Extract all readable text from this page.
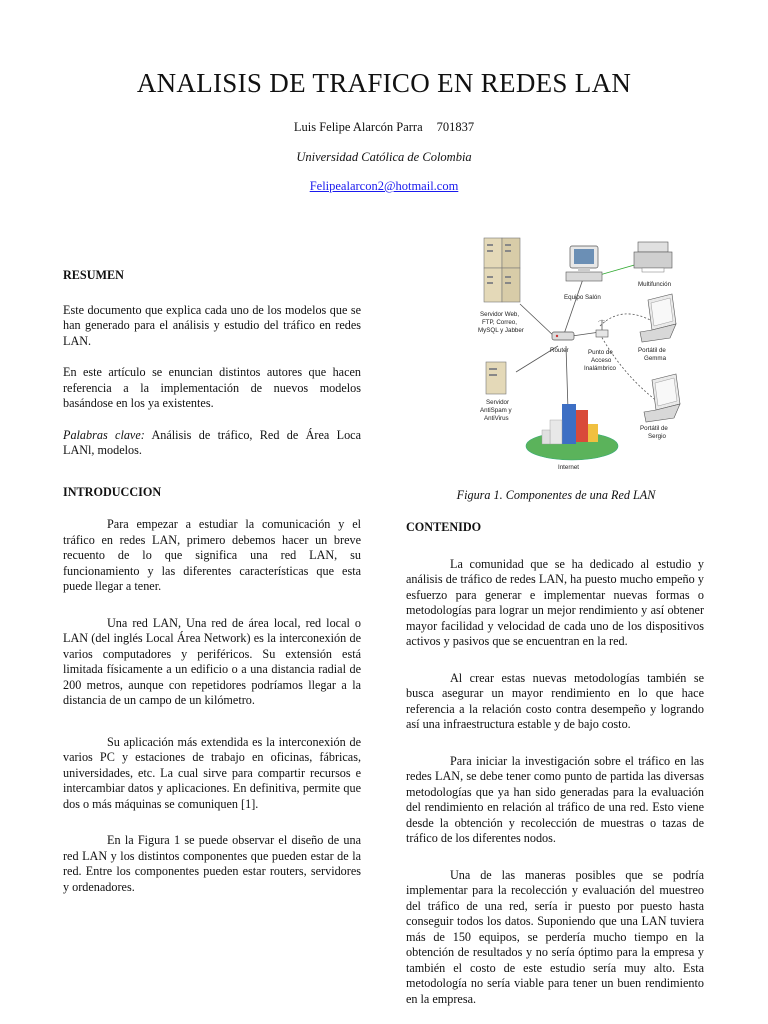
ANALISIS DE TRAFICO EN REDES LAN
Luis Felipe Alarcón Parra 701837
Universidad Católica de Colombia
Felipealarcon2@hotmail.com
RESUMEN

Este documento que explica cada uno de los modelos que se han generado para el análisis y estudio del tráfico en redes LAN.

En este artículo se enuncian distintos autores que hacen referencia a la implementación de nuevos modelos basándose en los ya existentes.

Palabras clave: Análisis de tráfico, Red de Área Loca LANl, modelos.

INTRODUCCION

Para empezar a estudiar la comunicación y el tráfico en redes LAN, primero debemos hacer un breve recuento de lo que significa una red LAN, su funcionamiento y las diferentes características que esta puede llegar a tener.

Una red LAN, Una red de área local, red local o LAN (del inglés Local Área Network) es la interconexión de varios computadores y periféricos. Su extensión está limitada físicamente a un edificio o a una distancia radial de 200 metros, aunque con repetidores podríamos llegar a la distancia de un campo de un kilómetro.

Su aplicación más extendida es la interconexión de varios PC y estaciones de trabajo en oficinas, fábricas, universidades, etc. La cual sirve para compartir recursos e intercambiar datos y aplicaciones. En definitiva, permite que dos o más máquinas se comuniquen [1].

En la Figura 1 se puede observar el diseño de una red LAN y los distintos componentes que pueden estar de la red. Entre los componentes pueden estar routers, servidores y ordenadores.

Servidor Web,
FTP, Correo,
MySQL y Jabber
Equipo Salón
Multifunción
Router	Punto de
Acceso
Inalámbrico
Portátil de
Gemma
Servidor
AntiSpam y
AntiVirus
Portátil de
Sergio
Internet
Figura 1. Componentes de una Red LAN
CONTENIDO

La comunidad que se ha dedicado al estudio y análisis de tráfico de redes LAN, ha puesto mucho empeño y esfuerzo para generar e implementar nuevas formas o metodologías para lograr un mejor rendimiento y así obtener mayor facilidad y velocidad de cada uno de los dispositivos activos y pasivos que se encuentran en la red.

Al crear estas nuevas metodologías también se busca asegurar un mayor rendimiento en lo que hace referencia a la relación costo contra desempeño y logrando así una infraestructura estable y de bajo costo.

Para iniciar la investigación sobre el tráfico en las redes LAN, se debe tener como punto de partida las diversas metodologías que ya han sido generadas para la evaluación del rendimiento en relación al tráfico de una red. Esto viene desde la obtención y recolección de muestras o tazas de tráfico de los diferentes nodos.

Una de las maneras posibles que se podría implementar para la recolección y evaluación del muestreo del tráfico de una red, sería ir puesto por puesto hasta conseguir todos los datos. Suponiendo que una LAN tuviera más de 150 equipos, se perdería mucho tiempo en la obtención de resultados y no sería óptimo para la empresa y también el costo de este estudio sería muy alto. Esta metodología no sería viable para tener un buen rendimiento en la empresa.
